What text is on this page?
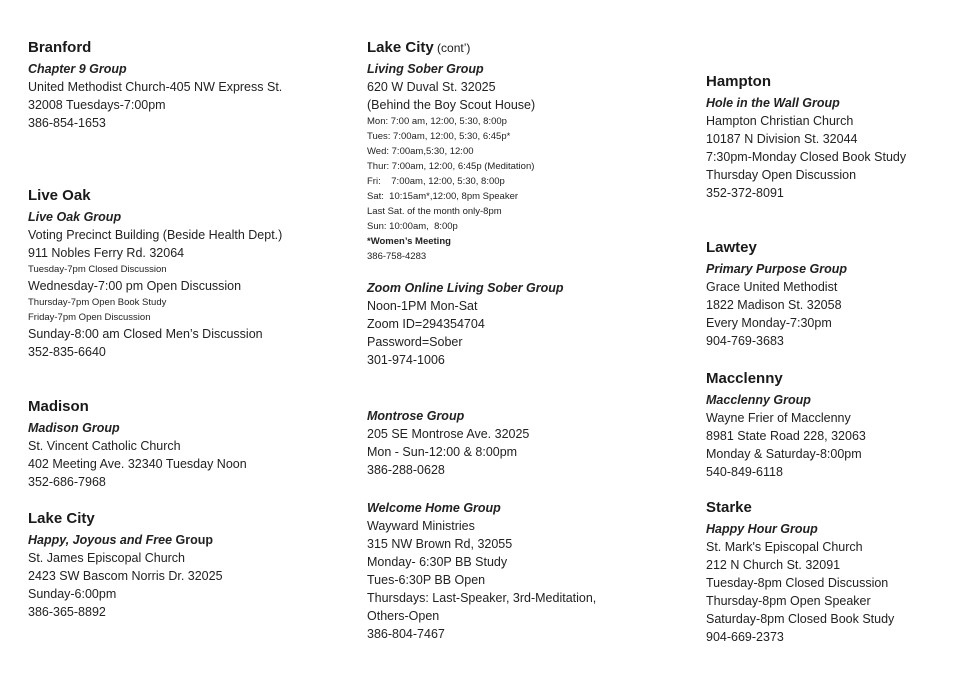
Branford
Chapter 9 Group
United Methodist Church-405 NW Express St.
32008 Tuesdays-7:00pm
386-854-1653
Live Oak
Live Oak Group
Voting Precinct Building (Beside Health Dept.)
911 Nobles Ferry Rd. 32064
Tuesday-7pm Closed Discussion
Wednesday-7:00 pm Open Discussion
Thursday-7pm Open Book Study
Friday-7pm Open Discussion
Sunday-8:00 am Closed Men’s Discussion
352-835-6640
Madison
Madison Group
St. Vincent Catholic Church
402 Meeting Ave. 32340 Tuesday Noon
352-686-7968
Lake City
Happy, Joyous and Free Group
St. James Episcopal Church
2423 SW Bascom Norris Dr. 32025
Sunday-6:00pm
386-365-8892
Lake City (cont’)
Living Sober Group
620 W Duval St. 32025
(Behind the Boy Scout House)
Mon: 7:00 am, 12:00, 5:30, 8:00p
Tues: 7:00am, 12:00, 5:30, 6:45p*
Wed: 7:00am,5:30, 12:00
Thur: 7:00am, 12:00, 6:45p (Meditation)
Fri:    7:00am, 12:00, 5:30, 8:00p
Sat:  10:15am*,12:00, 8pm Speaker
Last Sat. of the month only-8pm
Sun: 10:00am,  8:00p
*Women’s Meeting
386-758-4283
Zoom Online Living Sober Group
Noon-1PM Mon-Sat
Zoom ID=294354704
Password=Sober
301-974-1006
Montrose Group
205 SE Montrose Ave. 32025
Mon - Sun-12:00 & 8:00pm
386-288-0628
Welcome Home Group
Wayward Ministries
315 NW Brown Rd, 32055
Monday- 6:30P BB Study
Tues-6:30P BB Open
Thursdays: Last-Speaker, 3rd-Meditation,
Others-Open
386-804-7467
Hampton
Hole in the Wall Group
Hampton Christian Church
10187 N Division St. 32044
7:30pm-Monday Closed Book Study
Thursday Open Discussion
352-372-8091
Lawtey
Primary Purpose Group
Grace United Methodist
1822 Madison St. 32058
Every Monday-7:30pm
904-769-3683
Macclenny
Macclenny Group
Wayne Frier of Macclenny
8981 State Road 228, 32063
Monday & Saturday-8:00pm
540-849-6118
Starke
Happy Hour Group
St. Mark's Episcopal Church
212 N Church St. 32091
Tuesday-8pm Closed Discussion
Thursday-8pm Open Speaker
Saturday-8pm Closed Book Study
904-669-2373
